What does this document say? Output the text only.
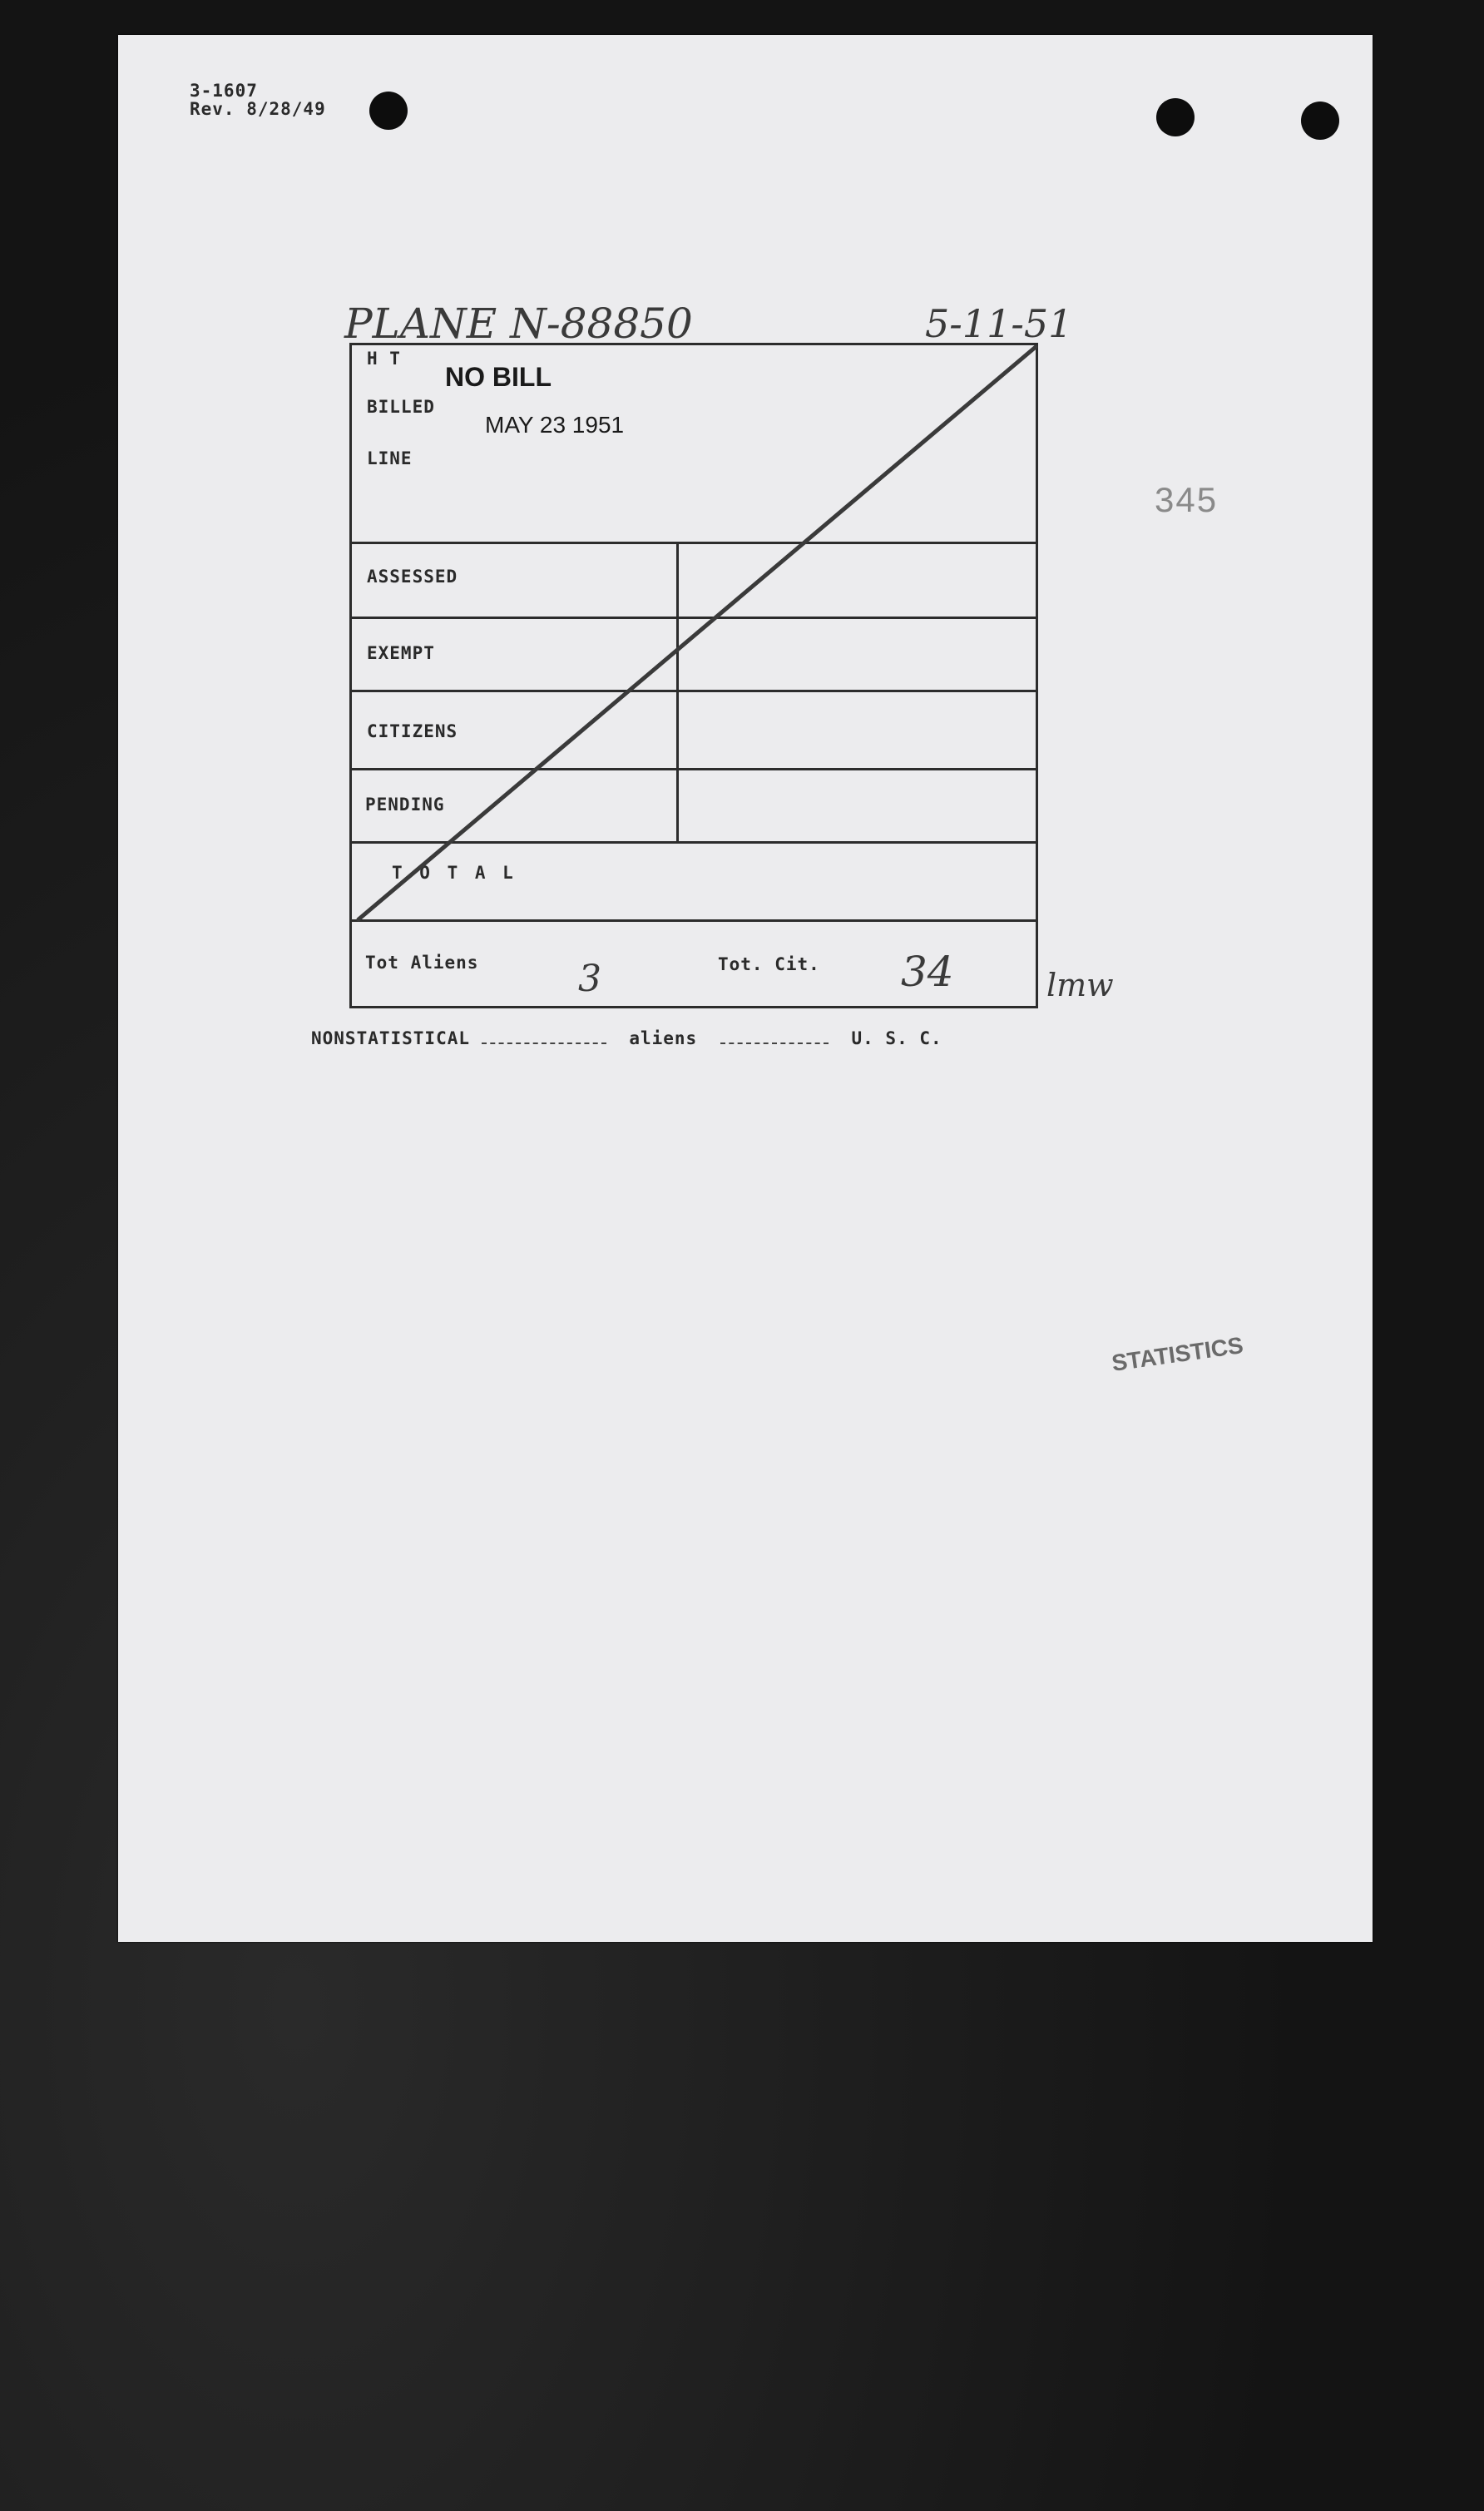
3-1607
Rev. 8/28/49
PLANE N-88850	5-11-51
345
H T
BILLED
LINE
NO BILL
MAY 23 1951
ASSESSED
EXEMPT
CITIZENS
PENDING
T O T A L
Tot Aliens	3	Tot. Cit. 34	lmw
NONSTATISTICAL	aliens	U. S. C.
STATISTICS
